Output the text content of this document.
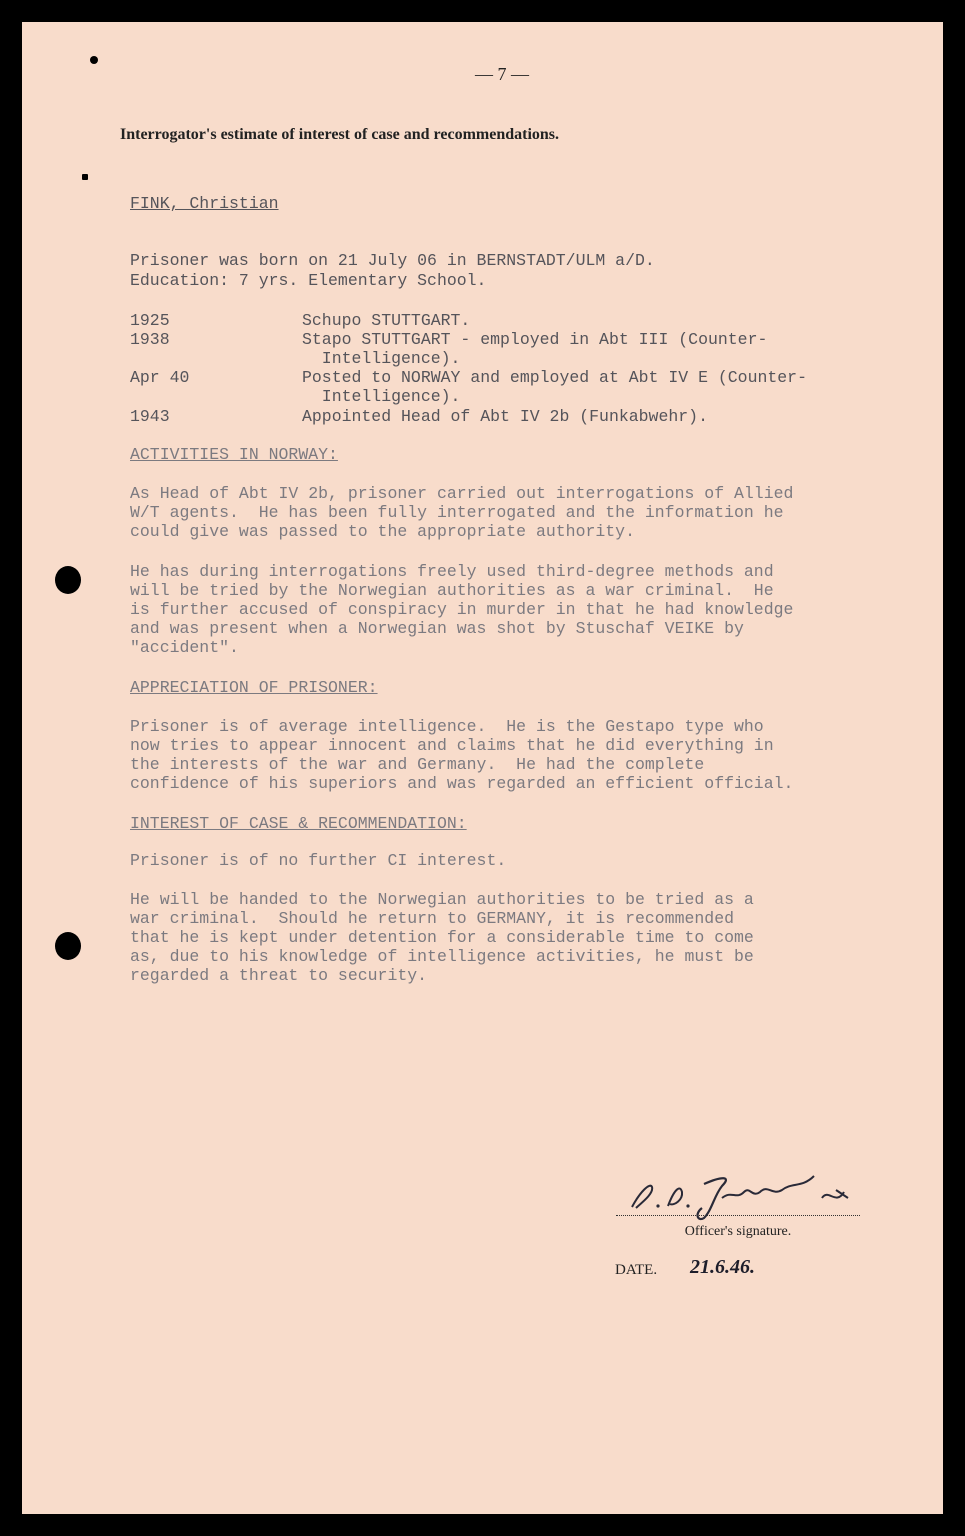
— 7 —
Interrogator's estimate of interest of case and recommendations.
FINK, Christian
Prisoner was born on 21 July 06 in BERNSTADT/ULM a/D.
Education: 7 yrs. Elementary School.
1925	Schupo STUTTGART.
1938	Stapo STUTTGART - employed in Abt III (Counter-
Intelligence).
Apr 40	Posted to NORWAY and employed at Abt IV E (Counter-
Intelligence).
1943	Appointed Head of Abt IV 2b (Funkabwehr).
ACTIVITIES IN NORWAY:
As Head of Abt IV 2b, prisoner carried out interrogations of Allied
W/T agents.  He has been fully interrogated and the information he
could give was passed to the appropriate authority.
He has during interrogations freely used third-degree methods and
will be tried by the Norwegian authorities as a war criminal.  He
is further accused of conspiracy in murder in that he had knowledge
and was present when a Norwegian was shot by Stuschaf VEIKE by
"accident".
APPRECIATION OF PRISONER:
Prisoner is of average intelligence.  He is the Gestapo type who
now tries to appear innocent and claims that he did everything in
the interests of the war and Germany.  He had the complete
confidence of his superiors and was regarded an efficient official.
INTEREST OF CASE & RECOMMENDATION:
Prisoner is of no further CI interest.
He will be handed to the Norwegian authorities to be tried as a
war criminal.  Should he return to GERMANY, it is recommended
that he is kept under detention for a considerable time to come
as, due to his knowledge of intelligence activities, he must be
regarded a threat to security.
Officer's signature.
DATE. 21.6.46.
